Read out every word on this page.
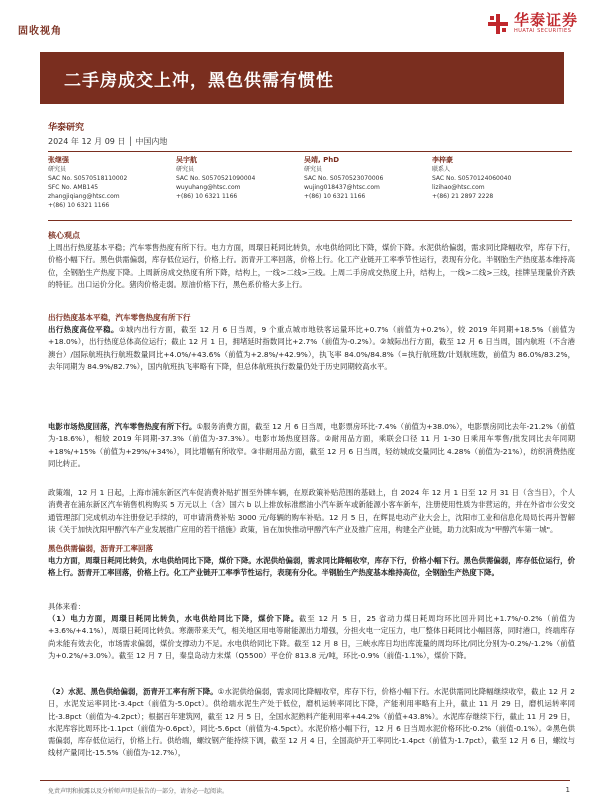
固收视角
华泰证券
HUATAI SECURITIES
二手房成交上冲，黑色供需有惯性
华泰研究
2024 年 12 月 09 日 │ 中国内地
张继强
研究员
SAC No. S0570518110002
SFC No. AMB145
zhangjiqiang@htsc.com
+(86) 10 6321 1166
吴宇航
研究员
SAC No. S0570521090004
wuyuhang@htsc.com
+(86) 10 6321 1166
吴靖, PhD
研究员
SAC No. S0570523070006
wujing018437@htsc.com
+(86) 10 6321 1166
李梓豪
联系人
SAC No. S0570124060040
lizihao@htsc.com
+(86) 21 2897 2228
核心观点
上周出行热度基本平稳；汽车零售热度有所下行。电力方面，周環日耗同比转负，水电供给同比下降，煤价下降。水泥供给偏弱，需求同比降幅收窄，库存下行，价格小幅下行。黑色供需偏弱，库存低位运行，价格上行。沥青开工率回落，价格上行。化工产业链开工率季节性运行，表现有分化。半钢胎生产热度基本维持高位，全钢胎生产热度下降。上周新房成交热度有所下降，结构上，一线>二线>三线。上周二手房成交热度上升，结构上，一线>二线>三线，挂牌呈现量价齐跌的特征。出口运价分化。猪肉价格走弱。原油价格下行，黑色系价格大多上行。
出行热度基本平稳，汽车零售热度有所下行
出行热度高位平稳。①城内出行方面，截至 12 月 6 日当周，9 个重点城市地铁客运量环比+0.7%（前值为+0.2%），较 2019 年同期+18.5%（前值为+18.0%），出行热度总体高位运行；截止 12 月 1 日，拥堵延时指数同比+2.7%（前值为-0.2%）。②城际出行方面，截至 12 月 6 日当周，国内航班（不含港澳台）/国际航班执行航班数量同比+4.0%/+43.6%（前值为+2.8%/+42.9%），执飞率 84.0%/84.8%（=执行航班数/计划航班数，前值为 86.0%/83.2%，去年同期为 84.9%/82.7%），国内航班执飞率略有下降，但总体航班执行数量仍处于历史同期较高水平。
电影市场热度回落，汽车零售热度有所下行。①服务消费方面，截至 12 月 6 日当周，电影票房环比-7.4%（前值为+38.0%），电影票房同比去年-21.2%（前值为-18.6%），相较 2019 年同期-37.3%（前值为-37.3%）。电影市场热度回落。②耐用品方面，乘联会口径 11 月 1-30 日乘用车零售/批发同比去年同期+18%/+15%（前值为+29%/+34%），同比增幅有所收窄。③非耐用品方面，截至 12 月 6 日当周，轻纺城成交量同比 4.28%（前值为-21%），纺织消费热度同比转正。
政策端，12 月 1 日起，上海市浦东新区汽车促消费补贴扩围至外牌车辆，在原政策补贴范围的基础上，自 2024 年 12 月 1 日至 12 月 31 日（含当日），个人消费者在浦东新区汽车销售机构购买 5 万元以上（含）国六 b 以上排放标准燃油小汽车新车或新能源小客车新车，注册使用性质为非营运的，并在外省市公安交通管理部门完成机动车注册登记手续的，可申请消费补贴 3000 元/每辆的购车补贴。12 月 5 日，在辉昆电动产业大会上，沈阳市工业和信息化局局长再升智解读《关于加快沈阳甲醇汽车产业发展推广应用的若干措施》政策，旨在加快推动甲醇汽车产业及推广应用，构建全产业链，助力沈阳成为"甲醇汽车第一城"。
黑色供需偏弱，沥青开工率回落
电力方面，周環日耗同比转负，水电供给同比下降，煤价下降。水泥供给偏弱，需求同比降幅收窄，库存下行，价格小幅下行。黑色供需偏弱，库存低位运行，价格上行。沥青开工率回落，价格上行。化工产业链开工率季节性运行，表现有分化。半钢胎生产热度基本维持高位，全钢胎生产热度下降。
具体来看：
（1）电力方面，周環日耗同比转负，水电供给同比下降，煤价下降。截至 12 月 5 日，25 省动力煤日耗周均环比回升同比+1.7%/-0.2%（前值为+3.6%/+4.1%），周環日耗同比转负。寒潮带来天气，相关地区用电等耐能源出力增强，分担火电一定压力，电厂整体日耗同比小幅回落，同时港口，终端库存尚未能有效去化，市场需求偏弱，煤价支撑动力不足。水电供给同比下降。截至 12 月 8 日，三峡水库日均出库流量的周均环比/同比分别为-0.2%/-1.2%（前值为+0.2%/+3.0%）。截至 12 月 7 日，秦皇岛动力末煤（Q5500）平仓价 813.8 元/吨，环比-0.9%（前值-1.1%），煤价下降。
（2）水泥、黑色供给偏弱，沥青开工率有所下降。①水泥供给偏弱，需求同比降幅收窄，库存下行，价格小幅下行。水泥供需同比降幅继续收窄，截止 12 月 2 日，水泥发运率同比-3.4pct（前值为-5.0pct）。供给端水泥生产处于低位，磨机运转率同比下降，产能利用率略有上升，截止 11 月 29 日，磨机运转率同比-3.8pct（前值为-4.2pct）；根据百年建筑网，截至 12 月 5 日，全国水泥熟料产能利用率+44.2%（前值+43.8%）。水泥库存继续下行，截止 11 月 29 日，水泥库容比周环比-1.1pct（前值为-0.6pct），同比-5.6pct（前值为-4.5pct）。水泥价格小幅下行，12 月 6 日当周水泥价格环比-0.2%（前值-0.1%）。②黑色供需偏弱，库存低位运行，价格上行。供给端，螺纹钢产能持续下调，截至 12 月 4 日，全国高炉开工率同比-1.4pct（前值为-1.7pct），截至 12 月 6 日，螺纹与线材产量同比-15.5%（前值为-12.7%），
免责声明和披露以及分析师声明是报告的一部分，请务必一起阅读。	1
